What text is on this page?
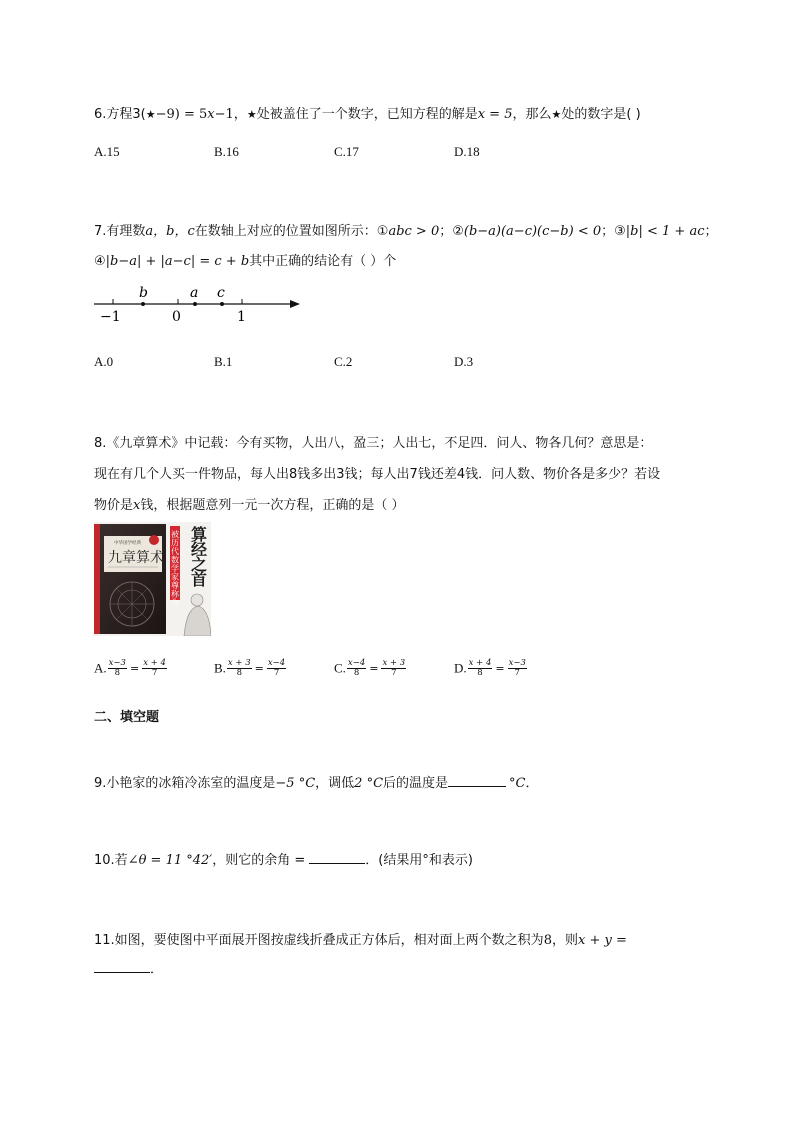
6.方程3(★−9) = 5x−1，★处被盖住了一个数字，已知方程的解是x = 5，那么★处的数字是( )
A.15	B.16	C.17	D.18
7.有理数a，b，c在数轴上对应的位置如图所示：①abc > 0；②(b−a)(a−c)(c−b) < 0；③|b| < 1 + ac；
④|b−a| + |a−c| = c + b其中正确的结论有（ ）个
b	a c
−1	0	1
A.0	B.1	C.2	D.3
8.《九章算术》中记载：今有买物，人出八，盈三；人出七，不足四．问人、物各几何？意思是：
现在有几个人买一件物品，每人出8钱多出3钱；每人出7钱还差4钱．问人数、物价各是多少？若设
物价是x钱，根据题意列一元一次方程，正确的是（ ）
中华国学经典
九章算术 被历代数学家尊称为 算经之首
A. $\frac{x-3}{8} = \frac{x + 4}{7}$	B. $\frac{x + 3}{8} = \frac{x-4}{7}$	C. $\frac{x-4}{8} = \frac{x + 3}{7}$	D. $\frac{x + 4}{8} = \frac{x-3}{7}$
二、填空题
9.小艳家的冰箱冷冻室的温度是−5 °C，调低2 °C后的温度是	°C．
10.若∠θ = 11 °42′，则它的余角 =	．(结果用°和表示)
11.如图，要使图中平面展开图按虚线折叠成正方体后，相对面上两个数之积为8，则x + y =
．
